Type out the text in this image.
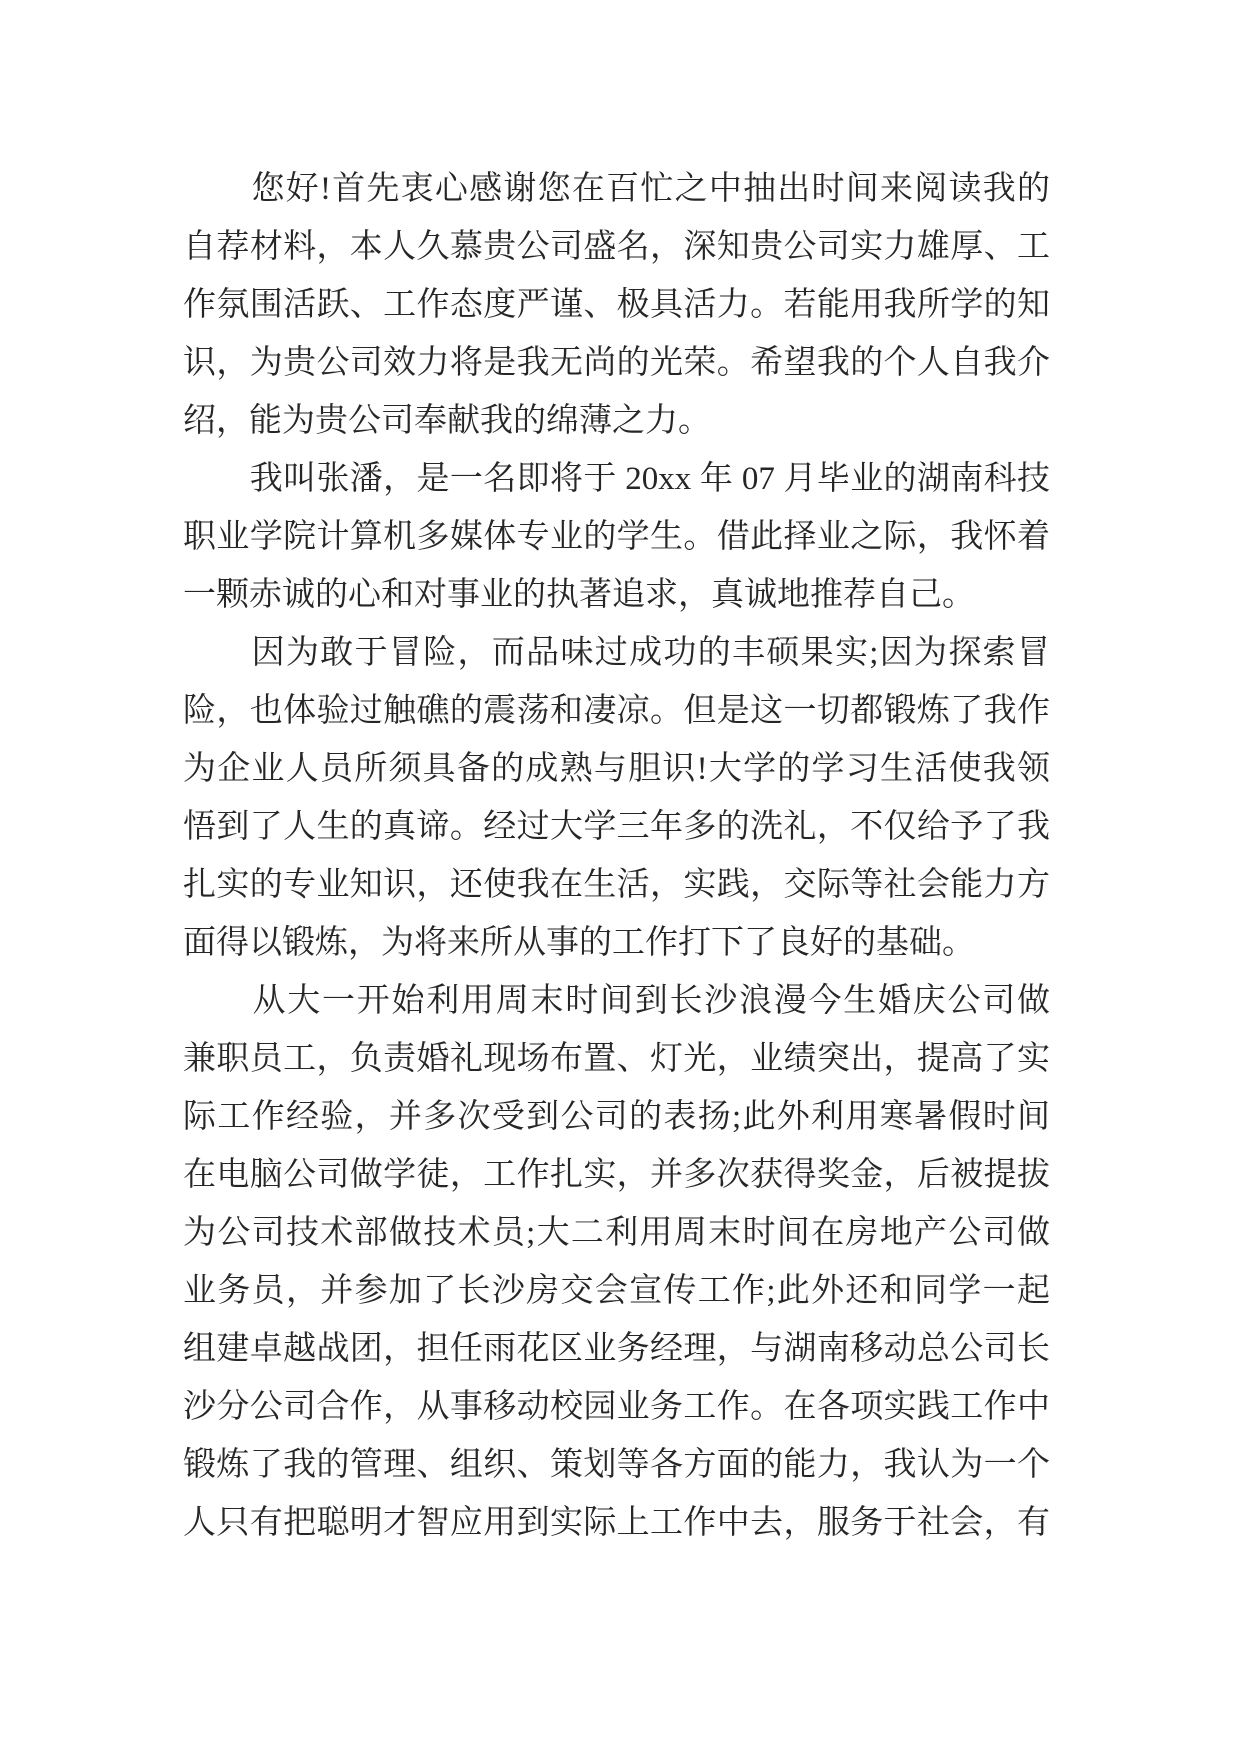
　　您好!首先衷心感谢您在百忙之中抽出时间来阅读我的
自荐材料，本人久慕贵公司盛名，深知贵公司实力雄厚、工
作氛围活跃、工作态度严谨、极具活力。若能用我所学的知
识，为贵公司效力将是我无尚的光荣。希望我的个人自我介
绍，能为贵公司奉献我的绵薄之力。
　　我叫张潘，是一名即将于 20xx 年 07 月毕业的湖南科技
职业学院计算机多媒体专业的学生。借此择业之际，我怀着
一颗赤诚的心和对事业的执著追求，真诚地推荐自己。
　　因为敢于冒险，而品味过成功的丰硕果实;因为探索冒
险，也体验过触礁的震荡和凄凉。但是这一切都锻炼了我作
为企业人员所须具备的成熟与胆识!大学的学习生活使我领
悟到了人生的真谛。经过大学三年多的洗礼，不仅给予了我
扎实的专业知识，还使我在生活，实践，交际等社会能力方
面得以锻炼，为将来所从事的工作打下了良好的基础。
　　从大一开始利用周末时间到长沙浪漫今生婚庆公司做
兼职员工，负责婚礼现场布置、灯光，业绩突出，提高了实
际工作经验，并多次受到公司的表扬;此外利用寒暑假时间
在电脑公司做学徒，工作扎实，并多次获得奖金，后被提拔
为公司技术部做技术员;大二利用周末时间在房地产公司做
业务员，并参加了长沙房交会宣传工作;此外还和同学一起
组建卓越战团，担任雨花区业务经理，与湖南移动总公司长
沙分公司合作，从事移动校园业务工作。在各项实践工作中
锻炼了我的管理、组织、策划等各方面的能力，我认为一个
人只有把聪明才智应用到实际上工作中去，服务于社会，有
